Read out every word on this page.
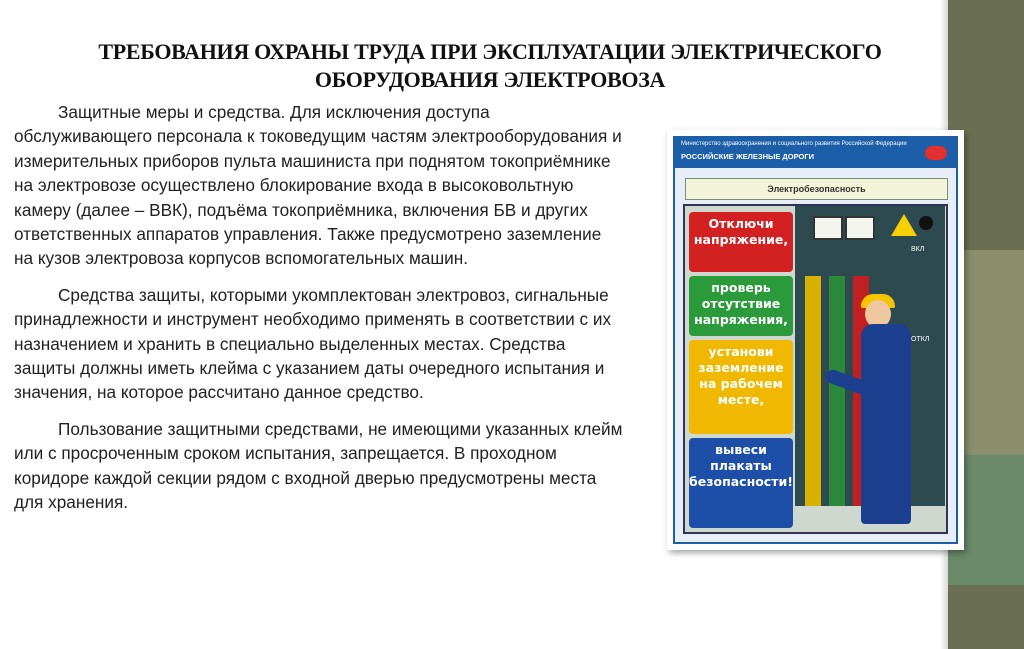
ТРЕБОВАНИЯ ОХРАНЫ ТРУДА ПРИ ЭКСПЛУАТАЦИИ ЭЛЕКТРИЧЕСКОГО ОБОРУДОВАНИЯ ЭЛЕКТРОВОЗА

Защитные меры и средства. Для исключения доступа обслуживающего персонала к токоведущим частям электрооборудования и измерительных приборов пульта машиниста при поднятом токоприёмнике на электровозе осуществлено блокирование входа в высоковольтную камеру (далее – ВВК), подъёма токоприёмника, включения БВ и других ответственных аппаратов управления. Также предусмотрено заземление на кузов электровоза корпусов вспомогательных машин.

Средства защиты, которыми укомплектован электровоз, сигнальные принадлежности и инструмент необходимо применять в соответствии с их назначением и хранить в специально выделенных местах. Средства защиты должны иметь клейма с указанием даты очередного испытания и значения, на которое рассчитано данное средство.

Пользование защитными средствами, не имеющими указанных клейм или с просроченным сроком испытания, запрещается. В проходном коридоре каждой секции рядом с входной дверью предусмотрены места для хранения.

Министерство здравоохранения и социального развития Российской Федерации
РОССИЙСКИЕ ЖЕЛЕЗНЫЕ ДОРОГИ
Электробезопасность
ВКЛ
ОТКЛ
Отключи напряжение,
проверь отсутствие напряжения,
установи заземление на рабочем месте,
вывеси плакаты безопасности!
